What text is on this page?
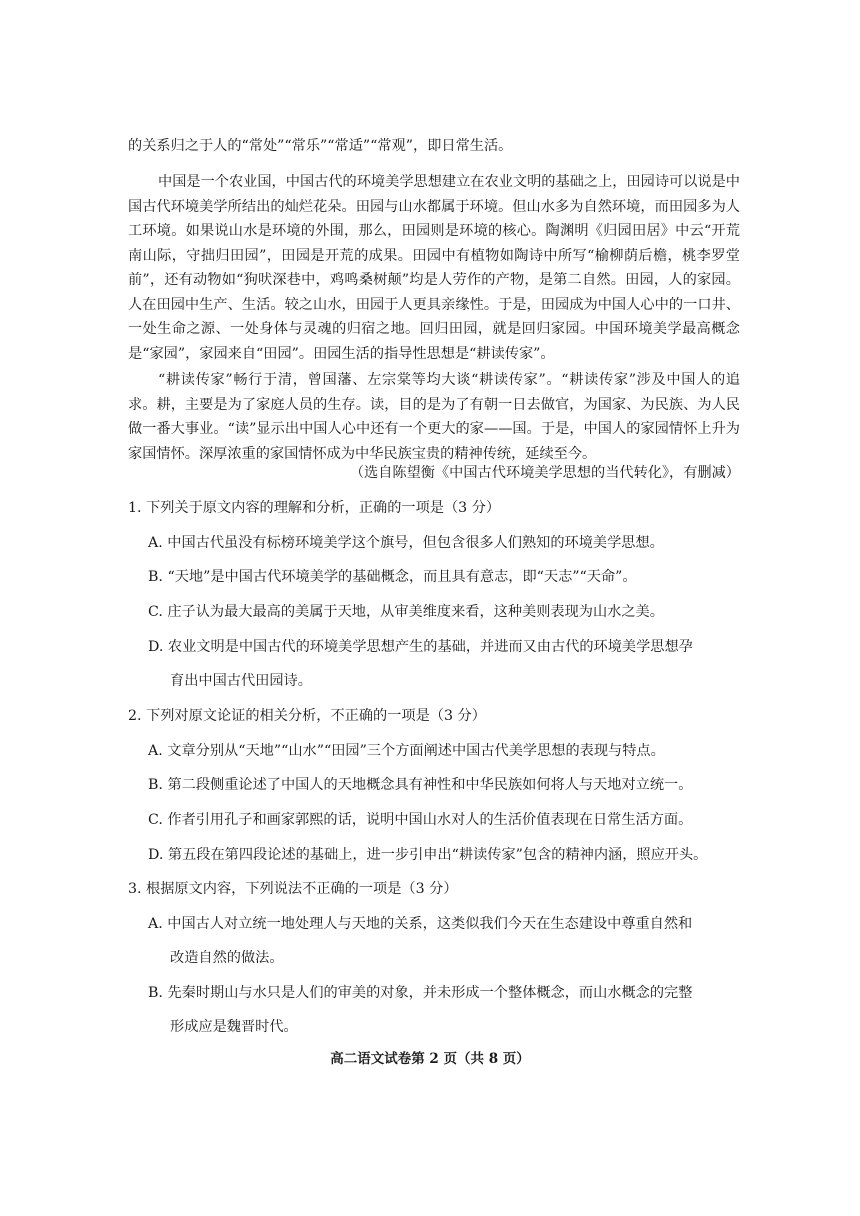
的关系归之于人的“常处”“常乐”“常适”“常观”，即日常生活。

中国是一个农业国，中国古代的环境美学思想建立在农业文明的基础之上，田园诗可以说是中国古代环境美学所结出的灿烂花朵。田园与山水都属于环境。但山水多为自然环境，而田园多为人工环境。如果说山水是环境的外围，那么，田园则是环境的核心。陶渊明《归园田居》中云“开荒南山际，守拙归田园”，田园是开荒的成果。田园中有植物如陶诗中所写“榆柳荫后檐，桃李罗堂前”，还有动物如“狗吠深巷中，鸡鸣桑树颠”均是人劳作的产物，是第二自然。田园，人的家园。人在田园中生产、生活。较之山水，田园于人更具亲缘性。于是，田园成为中国人心中的一口井、一处生命之源、一处身体与灵魂的归宿之地。回归田园，就是回归家园。中国环境美学最高概念是“家园”，家园来自“田园”。田园生活的指导性思想是“耕读传家”。

“耕读传家”畅行于清，曾国藩、左宗棠等均大谈“耕读传家”。“耕读传家”涉及中国人的追求。耕，主要是为了家庭人员的生存。读，目的是为了有朝一日去做官，为国家、为民族、为人民做一番大事业。“读”显示出中国人心中还有一个更大的家——国。于是，中国人的家园情怀上升为家国情怀。深厚浓重的家国情怀成为中华民族宝贵的精神传统，延续至今。

（选自陈望衡《中国古代环境美学思想的当代转化》，有删减）

1. 下列关于原文内容的理解和分析，正确的一项是（3 分）

A. 中国古代虽没有标榜环境美学这个旗号，但包含很多人们熟知的环境美学思想。

B. “天地”是中国古代环境美学的基础概念，而且具有意志，即“天志”“天命”。

C. 庄子认为最大最高的美属于天地，从审美维度来看，这种美则表现为山水之美。

D. 农业文明是中国古代的环境美学思想产生的基础，并进而又由古代的环境美学思想孕

育出中国古代田园诗。

2. 下列对原文论证的相关分析，不正确的一项是（3 分）

A. 文章分别从“天地”“山水”“田园”三个方面阐述中国古代美学思想的表现与特点。

B. 第二段侧重论述了中国人的天地概念具有神性和中华民族如何将人与天地对立统一。

C. 作者引用孔子和画家郭熙的话，说明中国山水对人的生活价值表现在日常生活方面。

D. 第五段在第四段论述的基础上，进一步引申出“耕读传家”包含的精神内涵，照应开头。

3. 根据原文内容，下列说法不正确的一项是（3 分）

A. 中国古人对立统一地处理人与天地的关系，这类似我们今天在生态建设中尊重自然和

改造自然的做法。

B. 先秦时期山与水只是人们的审美的对象，并未形成一个整体概念，而山水概念的完整

形成应是魏晋时代。

高二语文试卷第 2 页（共 8 页）
